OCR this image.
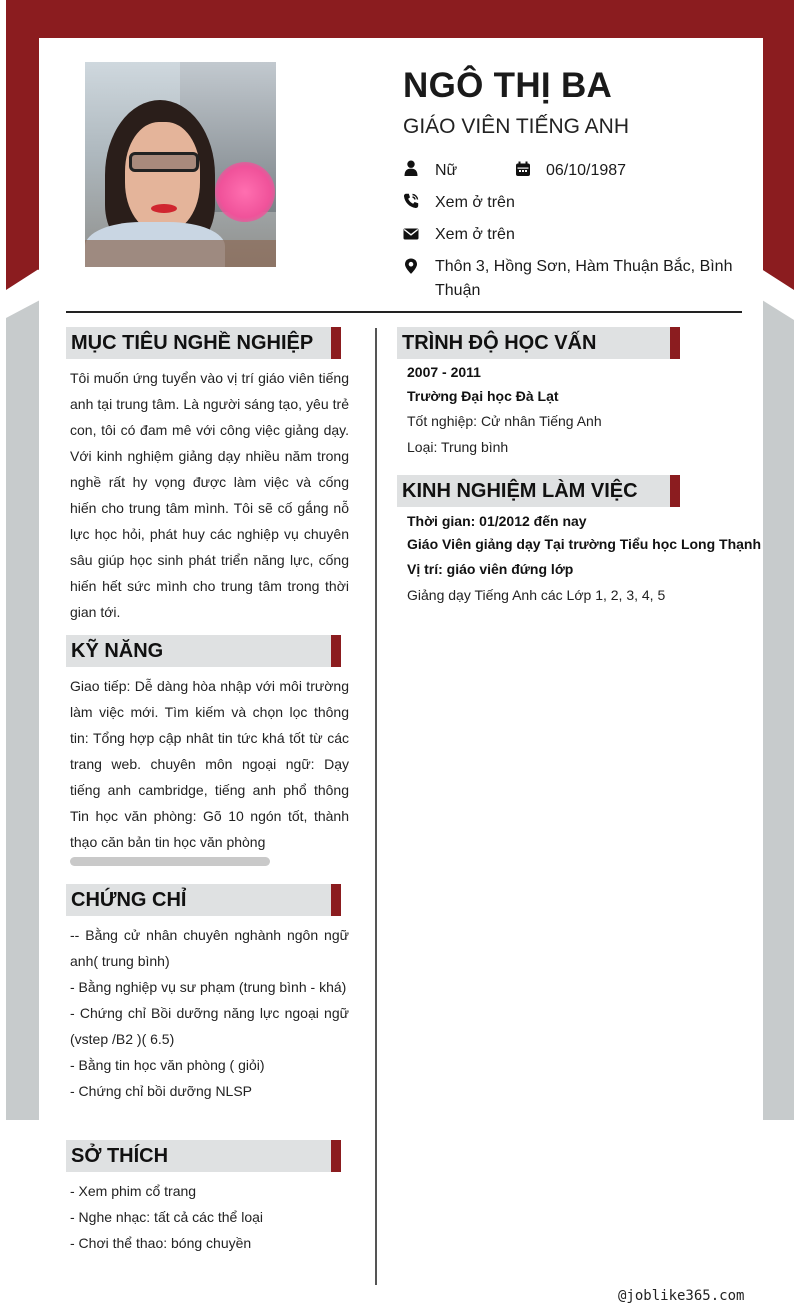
NGÔ THỊ BA
GIÁO VIÊN TIẾNG ANH
Nữ	06/10/1987
Xem ở trên
Xem ở trên
Thôn 3, Hồng Sơn, Hàm Thuận Bắc, Bình Thuận
MỤC TIÊU NGHỀ NGHIỆP
Tôi muốn ứng tuyển vào vị trí giáo viên tiếng anh tại trung tâm. Là người sáng tạo, yêu trẻ con, tôi có đam mê với công việc giảng dạy. Với kinh nghiệm giảng dạy nhiều năm trong nghề rất hy vọng được làm việc và cống hiến cho trung tâm mình. Tôi sẽ cố gắng nỗ lực học hỏi, phát huy các nghiệp vụ chuyên sâu giúp học sinh phát triển năng lực, cống hiến hết sức mình cho trung tâm trong thời gian tới.
KỸ NĂNG
Giao tiếp: Dễ dàng hòa nhập với môi trường làm việc mới. Tìm kiếm và chọn lọc thông tin: Tổng hợp cập nhât tin tức khá tốt từ các trang web. chuyên môn ngoại ngữ: Dạy tiếng anh cambridge, tiếng anh phổ thông Tin học văn phòng: Gõ 10 ngón tốt, thành thạo căn bản tin học văn phòng
CHỨNG CHỈ
-- Bằng cử nhân chuyên nghành ngôn ngữ anh( trung bình)
- Bằng nghiệp vụ sư phạm (trung bình - khá)
- Chứng chỉ Bồi dưỡng năng lực ngoại ngữ (vstep /B2 )( 6.5)
- Bằng tin học văn phòng ( giỏi)
- Chứng chỉ bồi dưỡng NLSP
SỞ THÍCH
- Xem phim cổ trang
- Nghe nhạc: tất cả các thể loại
- Chơi thể thao: bóng chuyền
TRÌNH ĐỘ HỌC VẤN
2007 - 2011
Trường Đại học Đà Lạt
Tốt nghiệp: Cử nhân Tiếng Anh
Loại: Trung bình
KINH NGHIỆM LÀM VIỆC
Thời gian: 01/2012 đến nay
Giáo Viên giảng dạy Tại trường Tiểu học Long Thạnh
Vị trí: giáo viên đứng lớp
Giảng dạy Tiếng Anh các Lớp 1, 2, 3, 4, 5
@joblike365.com
